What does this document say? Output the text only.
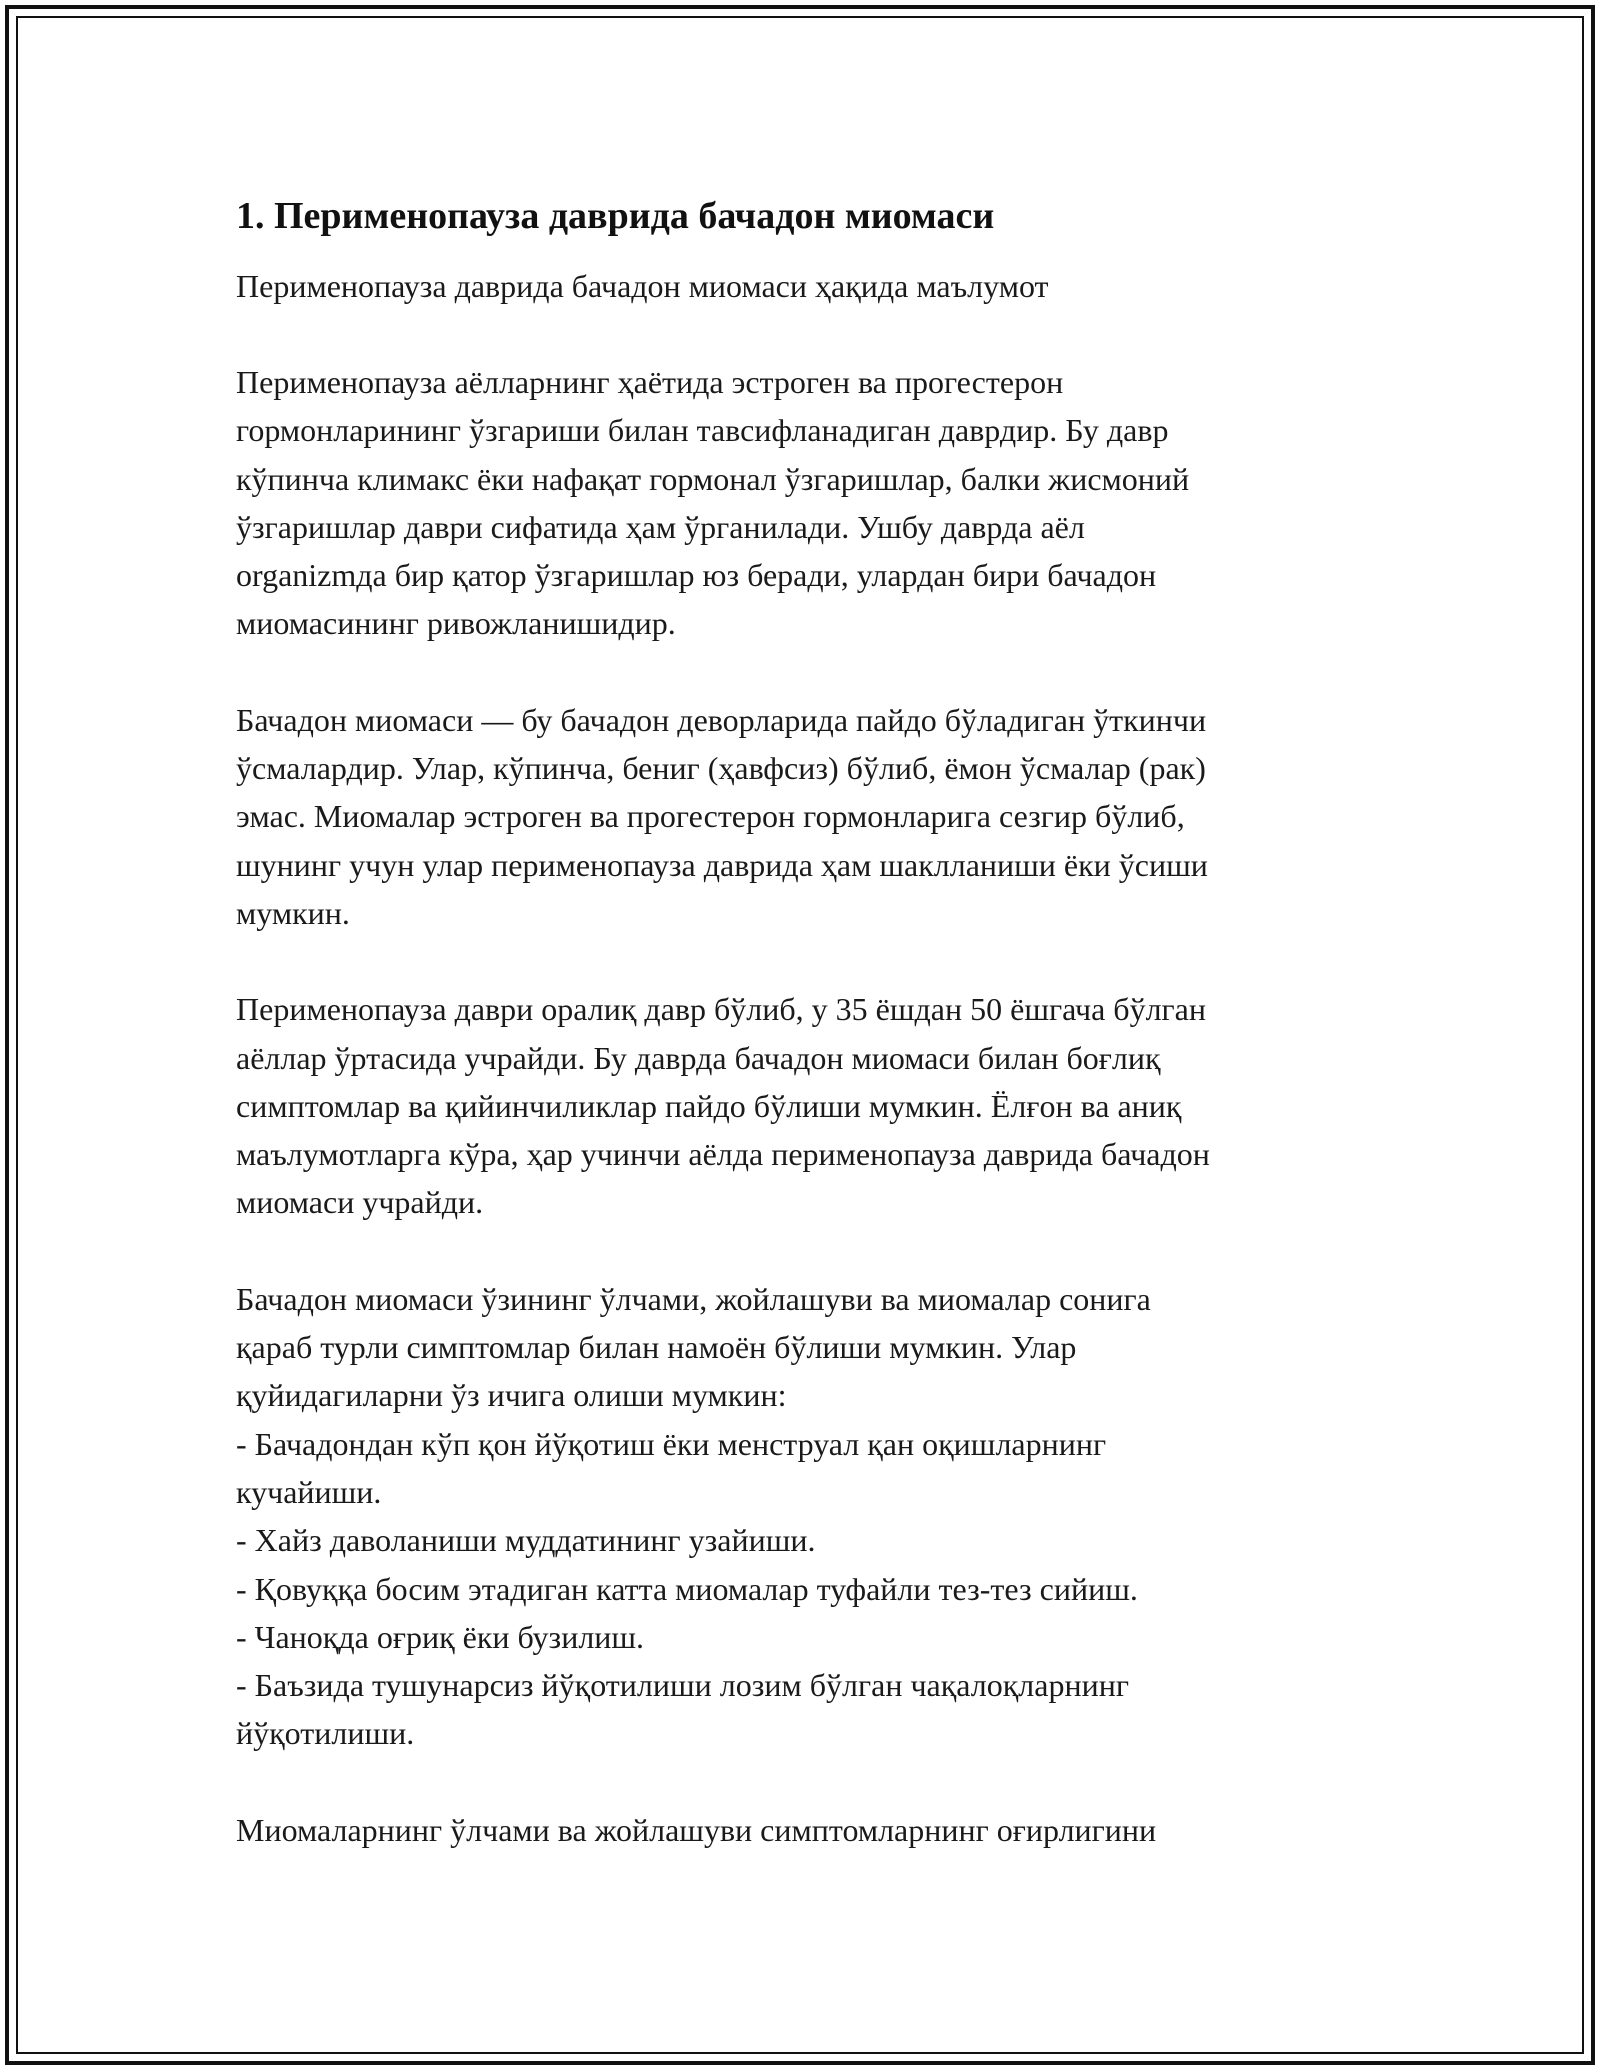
1. Перименопауза даврида бачадон миомаси

Перименопауза даврида бачадон миомаси ҳақида маълумот

Перименопауза аёлларнинг ҳаётида эстроген ва прогестерон
гормонларининг ўзгариши билан тавсифланадиган даврдир. Бу давр
кўпинча климакс ёки нафақат гормонал ўзгаришлар, балки жисмоний
ўзгаришлар даври сифатида ҳам ўрганилади. Ушбу даврда аёл
organizmда бир қатор ўзгаришлар юз беради, улардан бири бачадон
миомасининг ривожланишидир.

Бачадон миомаси — бу бачадон деворларида пайдо бўладиган ўткинчи
ўсмалардир. Улар, кўпинча, бениг (ҳавфсиз) бўлиб, ёмон ўсмалар (рак)
эмас. Миомалар эстроген ва прогестерон гормонларига сезгир бўлиб,
шунинг учун улар перименопауза даврида ҳам шаклланиши ёки ўсиши
мумкин.

Перименопауза даври оралиқ давр бўлиб, у 35 ёшдан 50 ёшгача бўлган
аёллар ўртасида учрайди. Бу даврда бачадон миомаси билан боғлиқ
симптомлар ва қийинчиликлар пайдо бўлиши мумкин. Ёлғон ва аниқ
маълумотларга кўра, ҳар учинчи аёлда перименопауза даврида бачадон
миомаси учрайди.

Бачадон миомаси ўзининг ўлчами, жойлашуви ва миомалар сонига
қараб турли симптомлар билан намоён бўлиши мумкин. Улар
қуйидагиларни ўз ичига олиши мумкин:
- Бачадондан кўп қон йўқотиш ёки менструал қан оқишларнинг
кучайиши.
- Хайз даволаниши муддатининг узайиши.
- Қовуққа босим этадиган катта миомалар туфайли тез-тез сийиш.
- Чаноқда оғриқ ёки бузилиш.
- Баъзида тушунарсиз йўқотилиши лозим бўлган чақалоқларнинг
йўқотилиши.

Миомаларнинг ўлчами ва жойлашуви симптомларнинг оғирлигини
